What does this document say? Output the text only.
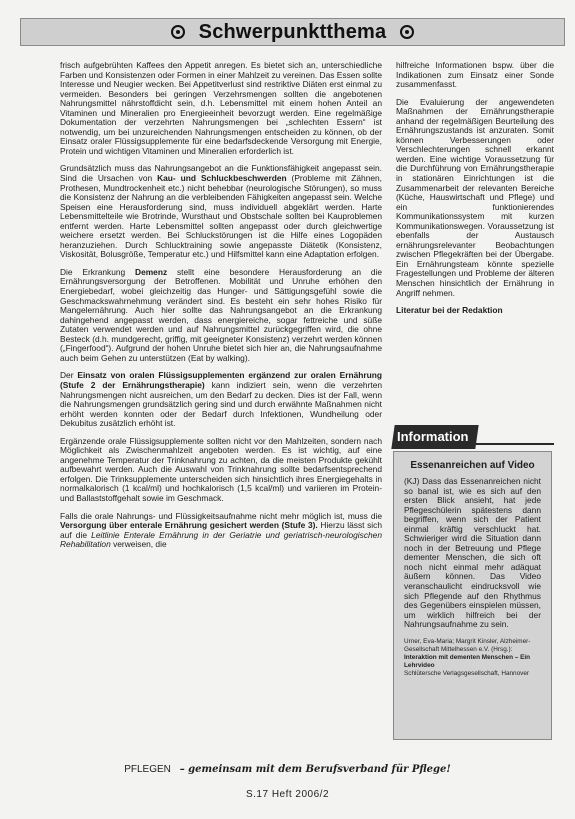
Schwerpunktthema

frisch aufgebrühten Kaffees den Appetit anregen. Es bietet sich an, unterschiedliche Farben und Konsistenzen oder Formen in einer Mahlzeit zu vereinen. Das Essen sollte Interesse und Neugier wecken. Bei Appetitverlust sind restriktive Diäten erst einmal zu vermeiden. Besonders bei geringen Verzehrsmengen sollten die angebotenen Nahrungsmittel nährstoffdicht sein, d.h. Lebensmittel mit einem hohen Anteil an Vitaminen und Mineralien pro Energieeinheit bevorzugt werden. Eine regelmäßige Dokumentation der verzehrten Nahrungsmengen bei „schlechten Essern“ ist notwendig, um bei unzureichenden Nahrungsmengen entscheiden zu können, ob der Einsatz oraler Flüssigsupplemente für eine bedarfsdeckende Versorgung mit Energie, Protein und wichtigen Vitaminen und Mineralien erforderlich ist.

Grundsätzlich muss das Nahrungsangebot an die Funktionsfähigkeit angepasst sein. Sind die Ursachen von Kau- und Schluckbeschwerden (Probleme mit Zähnen, Prothesen, Mundtrockenheit etc.) nicht behebbar (neurologische Störungen), so muss die Konsistenz der Nahrung an die verbleibenden Fähigkeiten angepasst sein. Welche Speisen eine Herausforderung sind, muss individuell abgeklärt werden. Harte Lebensmittelteile wie Brotrinde, Wursthaut und Obstschale sollten bei Kauproblemen entfernt werden. Harte Lebensmittel sollten angepasst oder durch gleichwertige weichere ersetzt werden. Bei Schluckstörungen ist die Hilfe eines Logopäden heranzuziehen. Durch Schlucktraining sowie angepasste Diätetik (Konsistenz, Viskosität, Bolusgröße, Temperatur etc.) und Hilfsmittel kann eine Adaptation erfolgen.

Die Erkrankung Demenz stellt eine besondere Herausforderung an die Ernährungsversorgung der Betroffenen. Mobilität und Unruhe erhöhen den Energiebedarf, wobei gleichzeitig das Hunger- und Sättigungsgefühl sowie die Geschmackswahrnehmung verändert sind. Es besteht ein sehr hohes Risiko für Mangelernährung. Auch hier sollte das Nahrungsangebot an die Erkrankung dahingehend angepasst werden, dass energiereiche, sogar fettreiche und süße Zutaten verwendet werden und auf Nahrungsmittel zurückgegriffen wird, die ohne Besteck (d.h. mundgerecht, griffig, mit geeigneter Konsistenz) verzehrt werden können („Fingerfood“). Aufgrund der hohen Unruhe bietet sich hier an, die Nahrungsaufnahme auch beim Gehen zu unterstützen (Eat by walking).

Der Einsatz von oralen Flüssigsupplementen ergänzend zur oralen Ernährung (Stufe 2 der Ernährungstherapie) kann indiziert sein, wenn die verzehrten Nahrungsmengen nicht ausreichen, um den Bedarf zu decken. Dies ist der Fall, wenn die Nahrungsmengen grundsätzlich gering sind und durch erwähnte Maßnahmen nicht erhöht werden konnten oder der Bedarf durch Infektionen, Wundheilung oder Dekubitus zusätzlich erhöht ist.

Ergänzende orale Flüssigsupplemente sollten nicht vor den Mahlzeiten, sondern nach Möglichkeit als Zwischenmahlzeit angeboten werden. Es ist wichtig, auf eine angenehme Temperatur der Trinknahrung zu achten, da die meisten Produkte gekühlt aufbewahrt werden. Auch die Auswahl von Trinknahrung sollte bedarfsentsprechend erfolgen. Die Trinksupplemente unterscheiden sich hinsichtlich ihres Energiegehalts in normalkalorisch (1 kcal/ml) und hochkalorisch (1,5 kcal/ml) und variieren im Protein- und Ballaststoffgehalt sowie im Geschmack.

Falls die orale Nahrungs- und Flüssigkeitsaufnahme nicht mehr möglich ist, muss die Versorgung über enterale Ernährung gesichert werden (Stufe 3). Hierzu lässt sich auf die Leitlinie Enterale Ernährung in der Geriatrie und geriatrisch-neurologischen Rehabilitation verweisen, die

hilfreiche Informationen bspw. über die Indikationen zum Einsatz einer Sonde zusammenfasst.

Die Evaluierung der angewendeten Maßnahmen der Ernährungstherapie anhand der regelmäßigen Beurteilung des Ernährungszustands ist anzuraten. Somit können Verbesserungen oder Verschlechterungen schnell erkannt werden. Eine wichtige Voraussetzung für die Durchführung von Ernährungstherapie in stationären Einrichtungen ist die Zusammenarbeit der relevanten Bereiche (Küche, Hauswirtschaft und Pflege) und ein funktionierendes Kommunikationssystem mit kurzen Kommunikationswegen. Voraussetzung ist ebenfalls der Austausch ernährungsrelevanter Beobachtungen zwischen Pflegekräften bei der Übergabe. Ein Ernährungsteam könnte spezielle Fragestellungen und Probleme der älteren Menschen hinsichtlich der Ernährung in Angriff nehmen.

Literatur bei der Redaktion

Information
Essenanreichen auf Video
(KJ) Dass das Essenanreichen nicht so banal ist, wie es sich auf den ersten Blick ansieht, hat jede Pflegeschülerin spätestens dann begriffen, wenn sich der Patient einmal kräftig verschluckt hat. Schwieriger wird die Situation dann noch in der Betreuung und Pflege dementer Menschen, die sich oft noch nicht einmal mehr adäquat äußern können. Das Video veranschaulicht eindrucksvoll wie sich Pflegende auf den Rhythmus des Gegenübers einspielen müssen, um wirklich hilfreich bei der Nahrungsaufnahme zu sein.
Urner, Eva-Maria; Margrit Kinsler, Alzheimer-Gesellschaft Mittelhessen e.V. (Hrsg.):
Interaktion mit dementen Menschen – Ein Lehrvideo
Schlütersche Verlagsgesellschaft, Hannover
PFLEGEN – gemeinsam mit dem Berufsverband für Pflege!
S.17 Heft 2006/2
